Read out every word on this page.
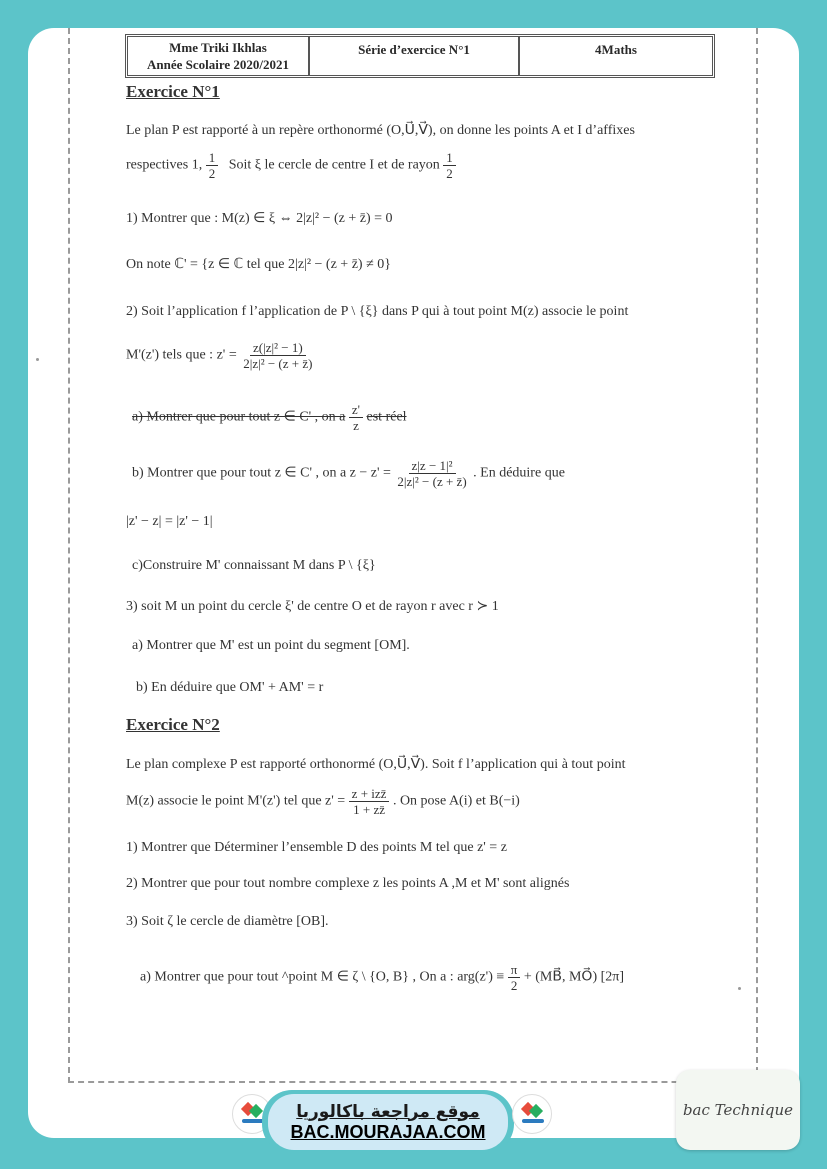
Mme Triki Ikhlas
Année Scolaire 2020/2021
Série d’exercice N°1	4Maths
Exercice N°1
Le plan P est rapporté à un repère orthonormé (O,U⃗,V⃗), on donne les points A et I d’affixes
respectives 1, $\frac{1}{2}$ Soit ξ le cercle de centre I et de rayon $\frac{1}{2}$
1) Montrer que : M(z) ∈ ξ ⇔ 2|z|² − (z + z̄) = 0
On note ℂ' = {z ∈ ℂ tel que 2|z|² − (z + z̄) ≠ 0}
2) Soit l’application f l’application de P \ {ξ} dans P qui à tout point M(z) associe le point
M'(z') tels que : $z' = \frac{\text{z(|z|² − 1)}}{\text{2|z|² − (z + z̄)}}$
a) Montrer que pour tout z ∈ C' , on a $\frac{z'}{z}$ est réel
b) Montrer que pour tout z ∈ C' , on a $z - z' = \frac{\text{z|z − 1|²}}{\text{2|z|² − (z + z̄)}}$ . En déduire que
|z' − z| = |z' − 1|
c)Construire M' connaissant M dans P \ {ξ}
3) soit M un point du cercle ξ' de centre O et de rayon r avec r ≻ 1
a) Montrer que M' est un point du segment [OM].
b) En déduire que OM' + AM' = r
Exercice N°2
Le plan complexe P est rapporté orthonormé (O,U⃗,V⃗). Soit f l’application qui à tout point
M(z) associe le point M'(z') tel que $z' = \frac{\text{z + izz̄}}{1 + zz̄}$ . On pose A(i) et B(−i)
1) Montrer que Déterminer l’ensemble D des points M tel que z' = z
2) Montrer que pour tout nombre complexe z les points A ,M et M' sont alignés
3) Soit ζ le cercle de diamètre [OB].
a) Montrer que pour tout ^point M ∈ ζ \ {O, B} , On a : $arg(z') \equiv \frac{\pi}{2}$ + (MB⃗, MO⃗) [2π]
موقع مراجعة باكالوريا
BAC.MOURAJAA.COM
bac Technique
